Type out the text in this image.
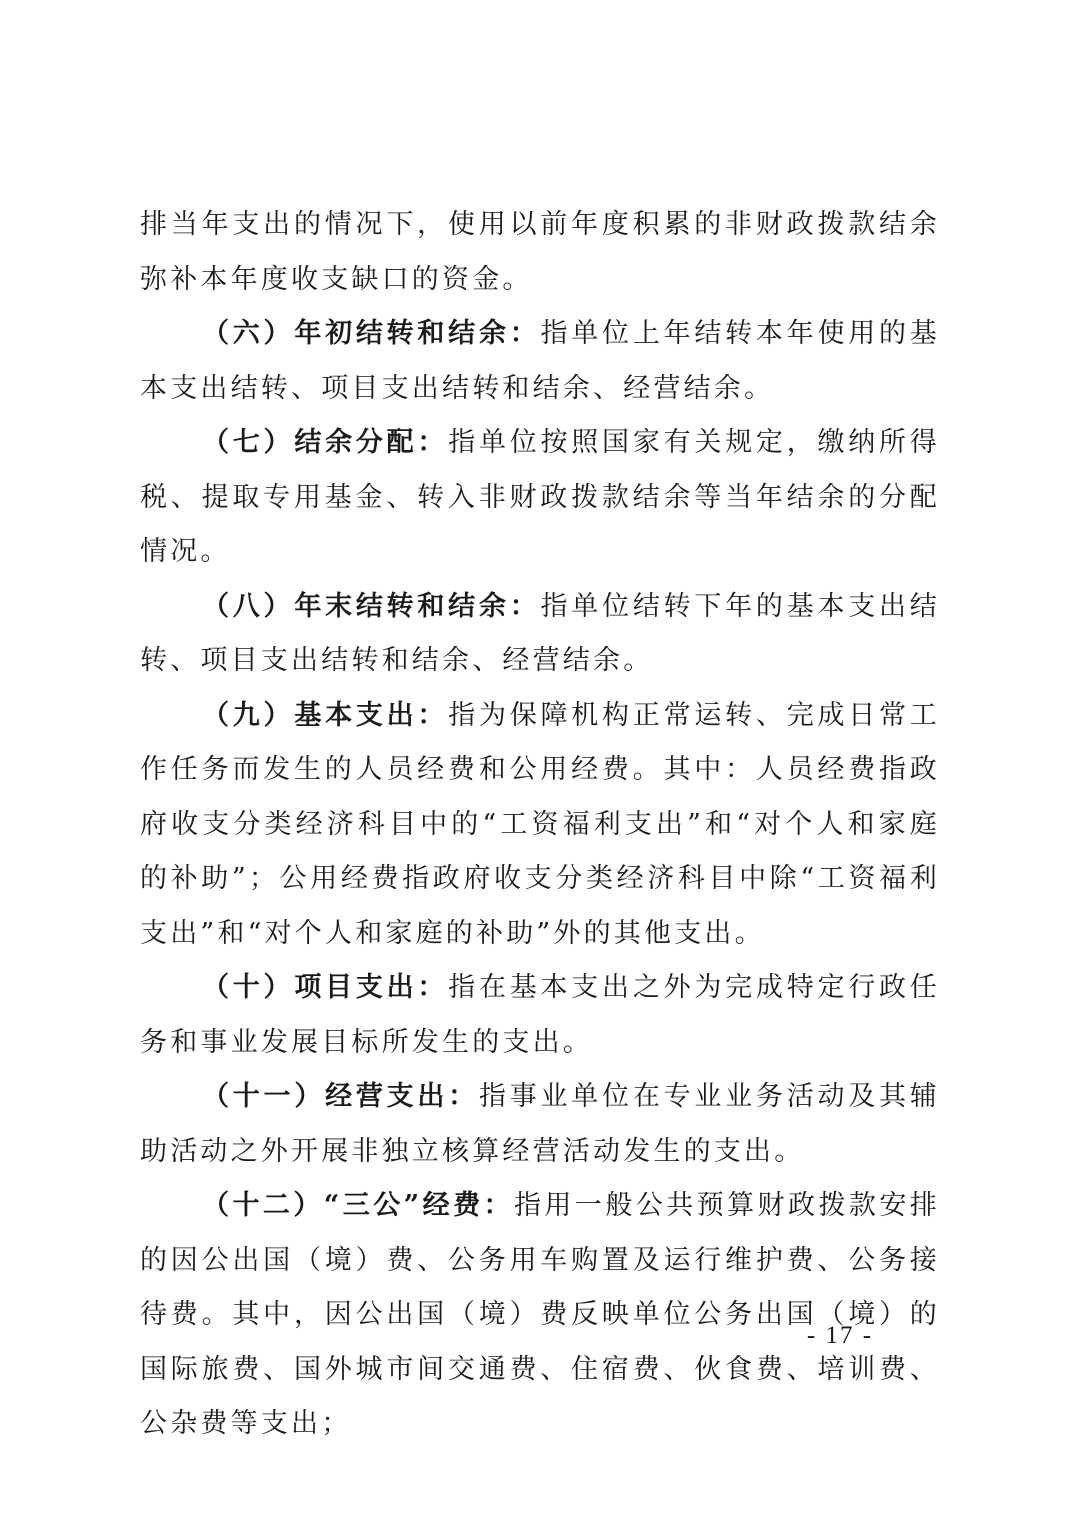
排当年支出的情况下，使用以前年度积累的非财政拨款结余弥补本年度收支缺口的资金。

（六）年初结转和结余：指单位上年结转本年使用的基本支出结转、项目支出结转和结余、经营结余。

（七）结余分配：指单位按照国家有关规定，缴纳所得税、提取专用基金、转入非财政拨款结余等当年结余的分配情况。

（八）年末结转和结余：指单位结转下年的基本支出结转、项目支出结转和结余、经营结余。

（九）基本支出：指为保障机构正常运转、完成日常工作任务而发生的人员经费和公用经费。其中：人员经费指政府收支分类经济科目中的“工资福利支出”和“对个人和家庭的补助”；公用经费指政府收支分类经济科目中除“工资福利支出”和“对个人和家庭的补助”外的其他支出。

（十）项目支出：指在基本支出之外为完成特定行政任务和事业发展目标所发生的支出。

（十一）经营支出：指事业单位在专业业务活动及其辅助活动之外开展非独立核算经营活动发生的支出。

（十二）“三公”经费：指用一般公共预算财政拨款安排的因公出国（境）费、公务用车购置及运行维护费、公务接待费。其中，因公出国（境）费反映单位公务出国（境）的国际旅费、国外城市间交通费、住宿费、伙食费、培训费、公杂费等支出；

- 17 -
